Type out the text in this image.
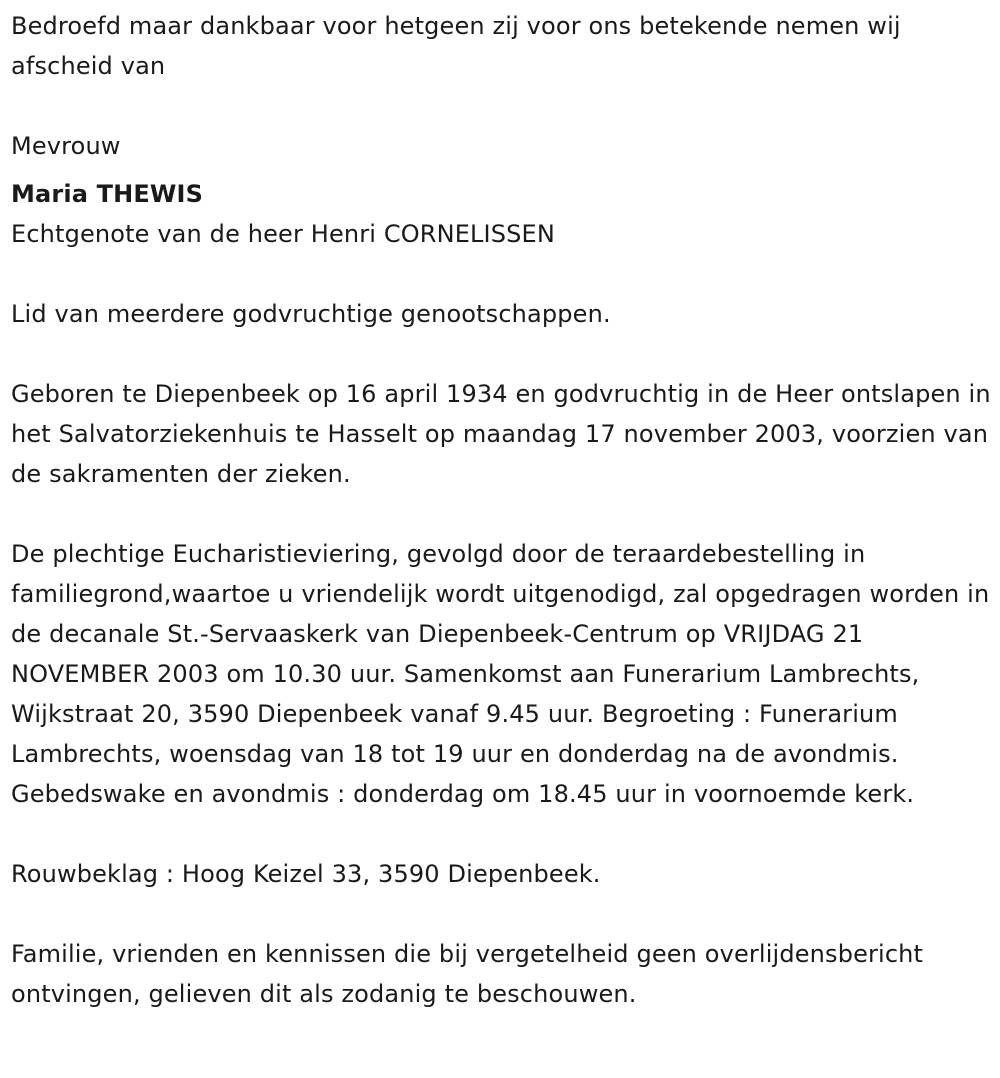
Bedroefd maar dankbaar voor hetgeen zij voor ons betekende nemen wij afscheid van

Mevrouw

Maria THEWIS

Echtgenote van de heer Henri CORNELISSEN

Lid van meerdere godvruchtige genootschappen.

Geboren te Diepenbeek op 16 april 1934 en godvruchtig in de Heer ontslapen in het Salvatorziekenhuis te Hasselt op maandag 17 november 2003, voorzien van de sakramenten der zieken.

De plechtige Eucharistieviering, gevolgd door de teraardebestelling in familiegrond,waartoe u vriendelijk wordt uitgenodigd, zal opgedragen worden in de decanale St.-Servaaskerk van Diepenbeek-Centrum op VRIJDAG 21 NOVEMBER 2003 om 10.30 uur. Samenkomst aan Funerarium Lambrechts, Wijkstraat 20, 3590 Diepenbeek vanaf 9.45 uur. Begroeting : Funerarium Lambrechts, woensdag van 18 tot 19 uur en donderdag na de avondmis. Gebedswake en avondmis : donderdag om 18.45 uur in voornoemde kerk.

Rouwbeklag : Hoog Keizel 33, 3590 Diepenbeek.

Familie, vrienden en kennissen die bij vergetelheid geen overlijdensbericht ontvingen, gelieven dit als zodanig te beschouwen.
